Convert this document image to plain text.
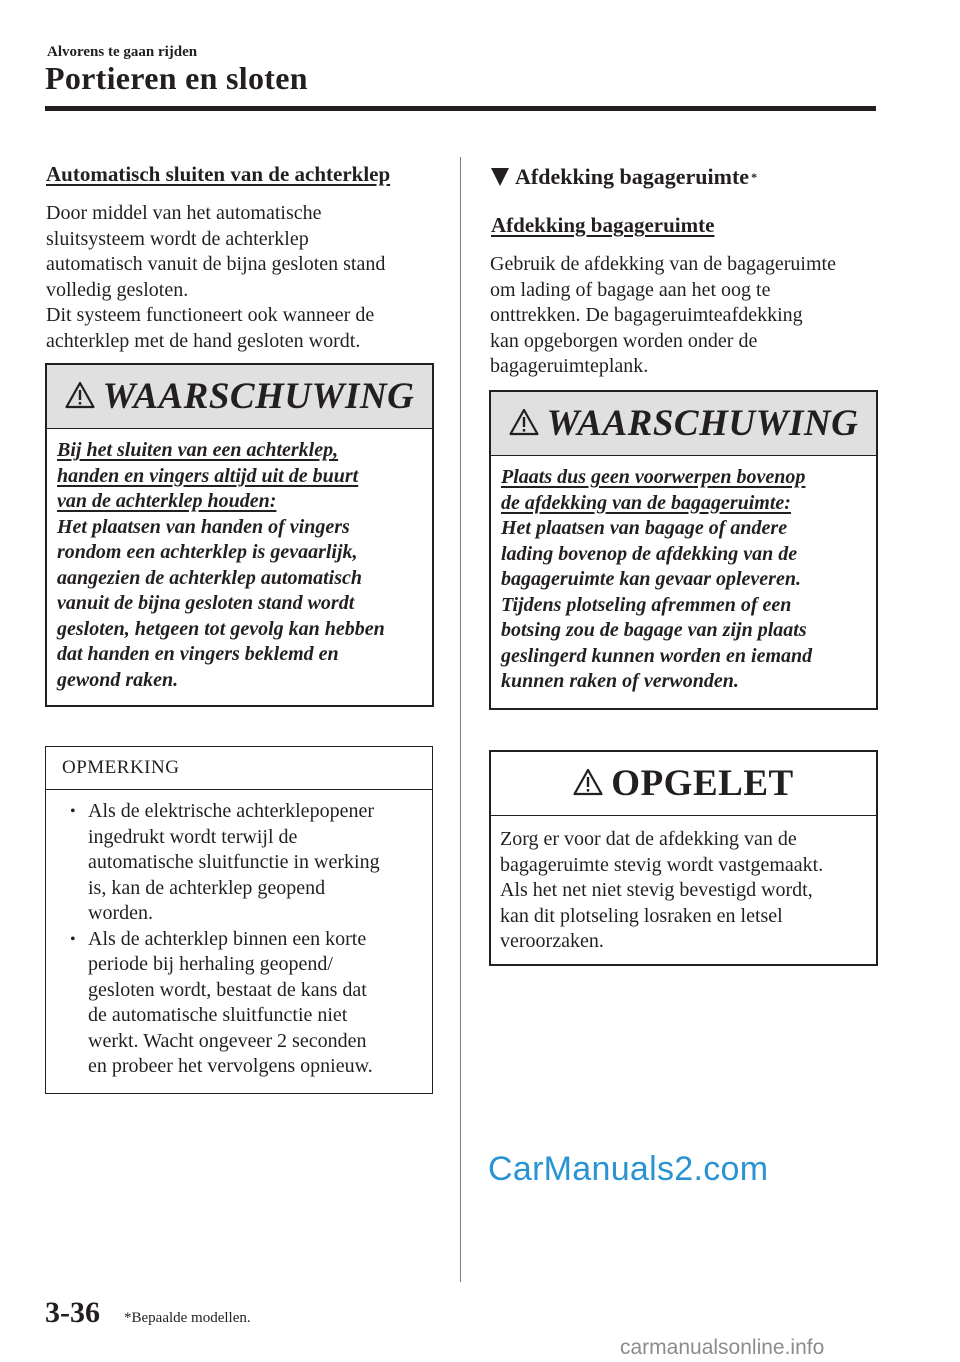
Alvorens te gaan rijden
Portieren en sloten
Automatisch sluiten van de achterklep
Door middel van het automatische
sluitsysteem wordt de achterklep
automatisch vanuit de bijna gesloten stand
volledig gesloten.
Dit systeem functioneert ook wanneer de
achterklep met de hand gesloten wordt.
WAARSCHUWING
Bij het sluiten van een achterklep,
handen en vingers altijd uit de buurt
van de achterklep houden:
Het plaatsen van handen of vingers
rondom een achterklep is gevaarlijk,
aangezien de achterklep automatisch
vanuit de bijna gesloten stand wordt
gesloten, hetgeen tot gevolg kan hebben
dat handen en vingers beklemd en
gewond raken.
OPMERKING
• Als de elektrische achterklepopener
ingedrukt wordt terwijl de
automatische sluitfunctie in werking
is, kan de achterklep geopend
worden.
• Als de achterklep binnen een korte
periode bij herhaling geopend/
gesloten wordt, bestaat de kans dat
de automatische sluitfunctie niet
werkt. Wacht ongeveer 2 seconden
en probeer het vervolgens opnieuw.
Afdekking bagageruimte *
Afdekking bagageruimte
Gebruik de afdekking van de bagageruimte
om lading of bagage aan het oog te
onttrekken. De bagageruimteafdekking
kan opgeborgen worden onder de
bagageruimteplank.
WAARSCHUWING
Plaats dus geen voorwerpen bovenop
de afdekking van de bagageruimte:
Het plaatsen van bagage of andere
lading bovenop de afdekking van de
bagageruimte kan gevaar opleveren.
Tijdens plotseling afremmen of een
botsing zou de bagage van zijn plaats
geslingerd kunnen worden en iemand
kunnen raken of verwonden.
OPGELET
Zorg er voor dat de afdekking van de
bagageruimte stevig wordt vastgemaakt.
Als het net niet stevig bevestigd wordt,
kan dit plotseling losraken en letsel
veroorzaken.
CarManuals2.com
3-36 *Bepaalde modellen.
carmanualsonline.info
